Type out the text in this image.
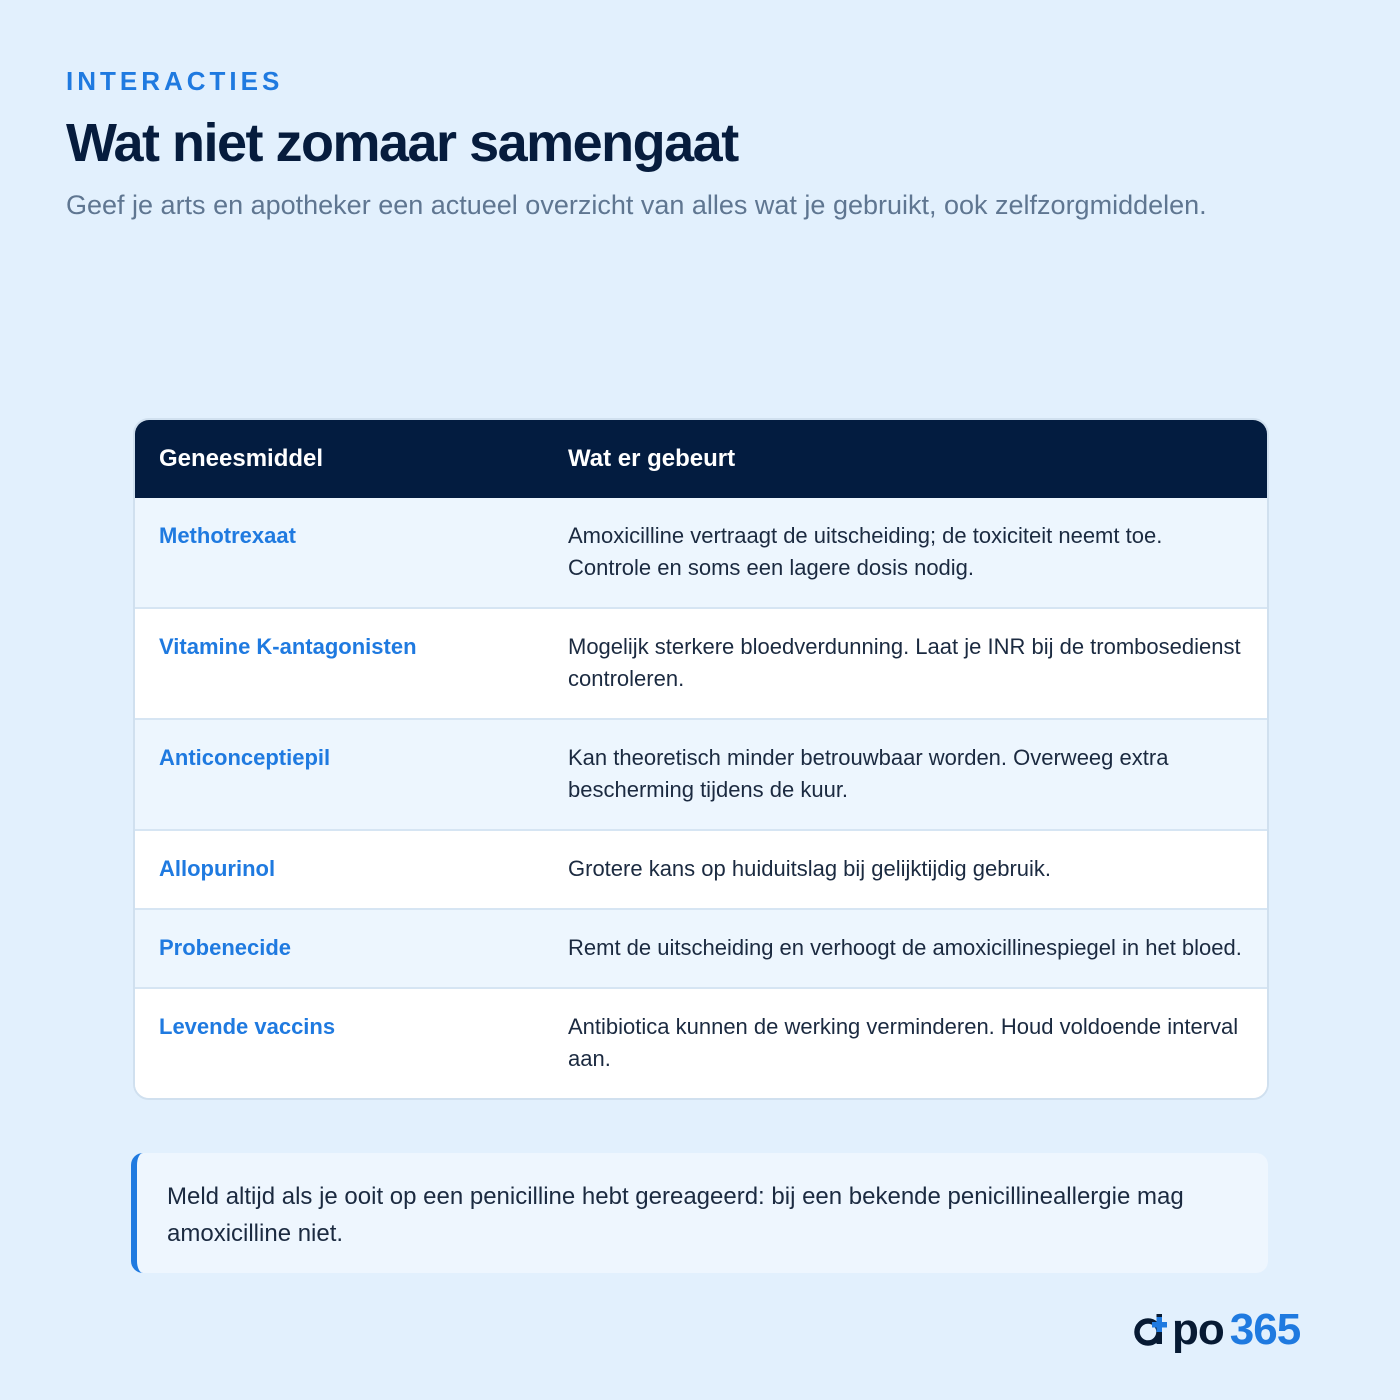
INTERACTIES
Wat niet zomaar samengaat

Geef je arts en apotheker een actueel overzicht van alles wat je gebruikt, ook zelfzorgmiddelen.

Geneesmiddel	Wat er gebeurt
Methotrexaat	Amoxicilline vertraagt de uitscheiding; de toxiciteit neemt toe. Controle en soms een lagere dosis nodig.
Vitamine K-antagonisten	Mogelijk sterkere bloedverdunning. Laat je INR bij de trombosedienst controleren.
Anticonceptiepil	Kan theoretisch minder betrouwbaar worden. Overweeg extra bescherming tijdens de kuur.
Allopurinol	Grotere kans op huiduitslag bij gelijktijdig gebruik.
Probenecide	Remt de uitscheiding en verhoogt de amoxicillinespiegel in het bloed.
Levende vaccins	Antibiotica kunnen de werking verminderen. Houd voldoende interval aan.
Meld altijd als je ooit op een penicilline hebt gereageerd: bij een bekende penicillineallergie mag amoxicilline niet.
po 365
